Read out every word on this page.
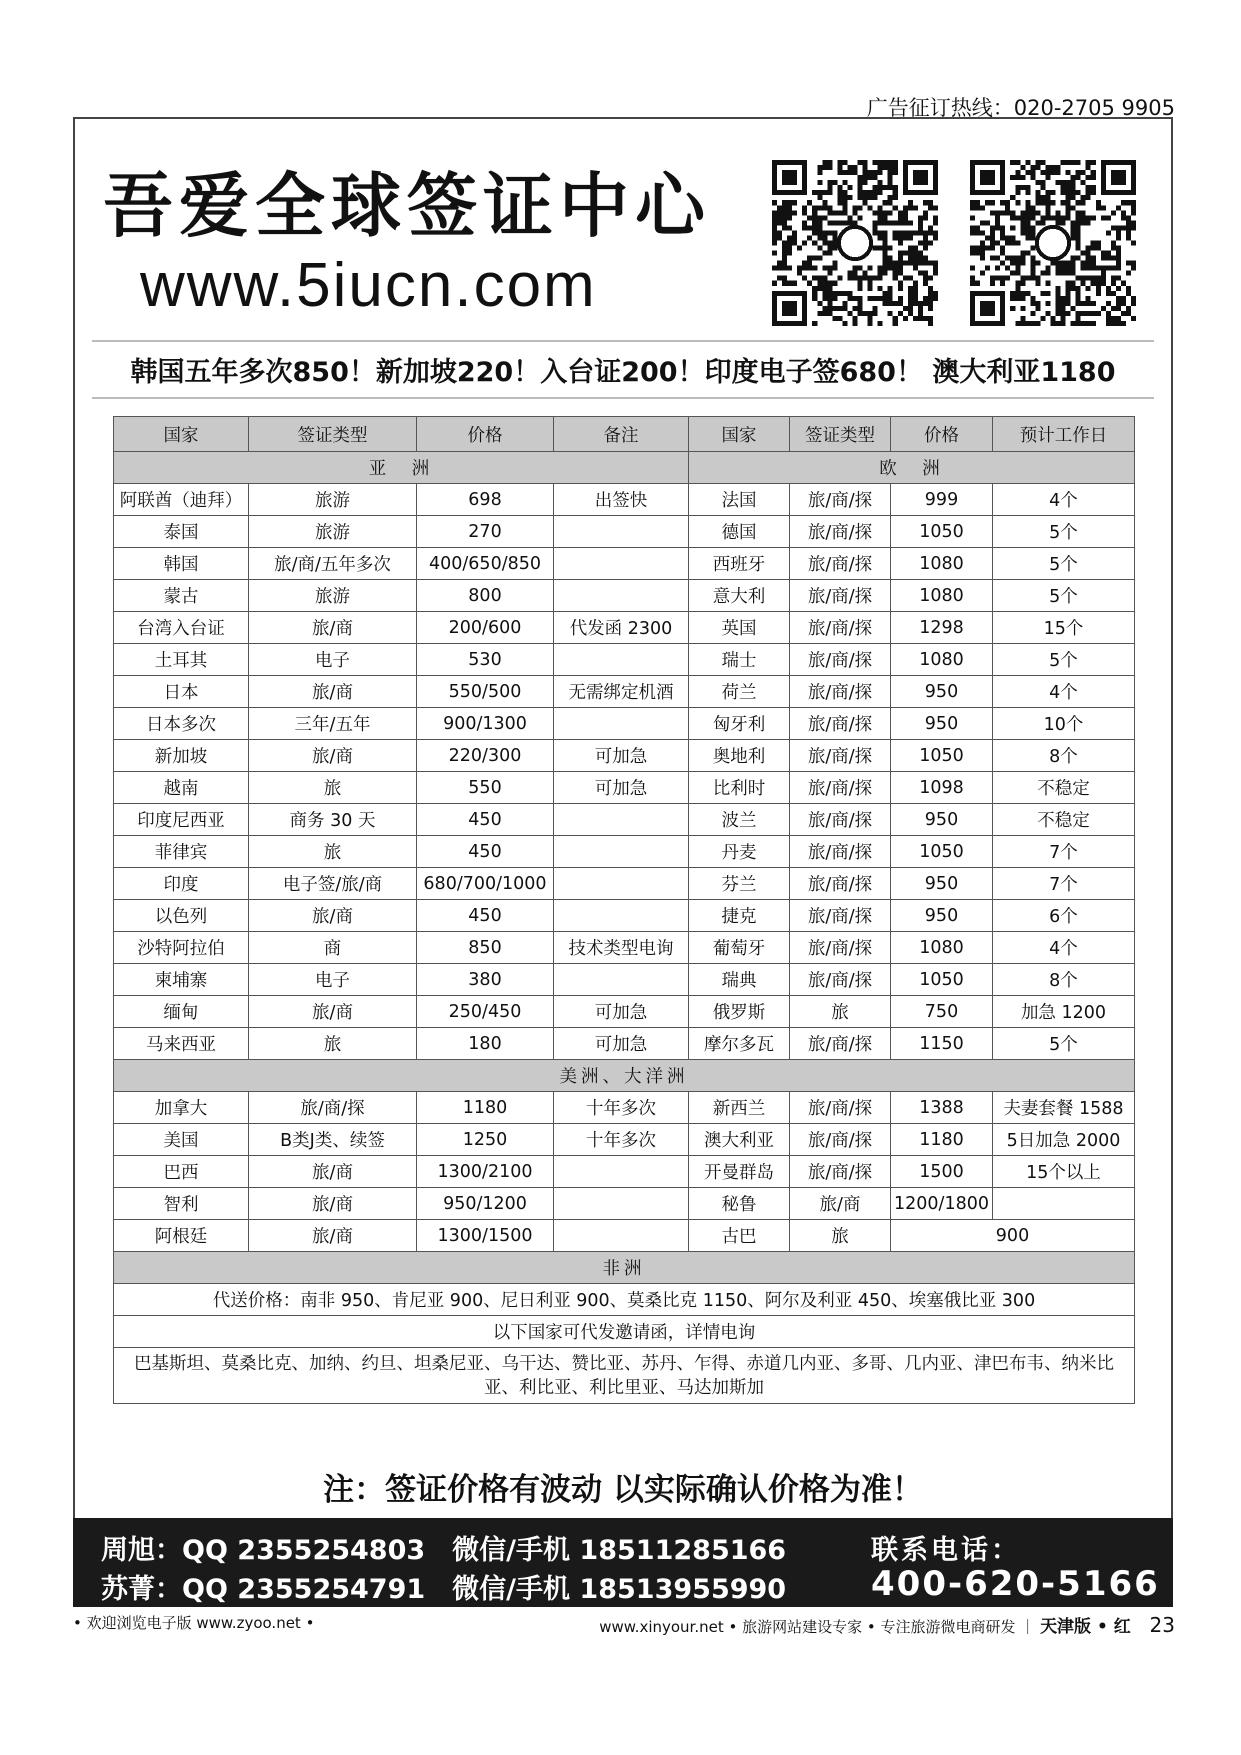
广告征订热线：020-2705 9905
吾爱全球签证中心
www.5iucn.com
韩国五年多次850！新加坡220！入台证200！印度电子签680！ 澳大利亚1180
国家	签证类型	价格	备注	国家	签证类型	价格	预计工作日
亚　洲				欧　洲			
阿联酋（迪拜）	旅游	698	出签快	法国	旅/商/探	999	4个
泰国	旅游	270		德国	旅/商/探	1050	5个
韩国	旅/商/五年多次	400/650/850		西班牙	旅/商/探	1080	5个
蒙古	旅游	800		意大利	旅/商/探	1080	5个
台湾入台证	旅/商	200/600	代发函 2300	英国	旅/商/探	1298	15个
土耳其	电子	530		瑞士	旅/商/探	1080	5个
日本	旅/商	550/500	无需绑定机酒	荷兰	旅/商/探	950	4个
日本多次	三年/五年	900/1300		匈牙利	旅/商/探	950	10个
新加坡	旅/商	220/300	可加急	奥地利	旅/商/探	1050	8个
越南	旅	550	可加急	比利时	旅/商/探	1098	不稳定
印度尼西亚	商务 30 天	450		波兰	旅/商/探	950	不稳定
菲律宾	旅	450		丹麦	旅/商/探	1050	7个
印度	电子签/旅/商	680/700/1000		芬兰	旅/商/探	950	7个
以色列	旅/商	450		捷克	旅/商/探	950	6个
沙特阿拉伯	商	850	技术类型电询	葡萄牙	旅/商/探	1080	4个
柬埔寨	电子	380		瑞典	旅/商/探	1050	8个
缅甸	旅/商	250/450	可加急	俄罗斯	旅	750	加急 1200
马来西亚	旅	180	可加急	摩尔多瓦	旅/商/探	1150	5个
美洲、大洋洲							
加拿大	旅/商/探	1180	十年多次	新西兰	旅/商/探	1388	夫妻套餐 1588
美国	B类J类、续签	1250	十年多次	澳大利亚	旅/商/探	1180	5日加急 2000
巴西	旅/商	1300/2100		开曼群岛	旅/商/探	1500	15个以上
智利	旅/商	950/1200		秘鲁	旅/商	1200/1800	
阿根廷	旅/商	1300/1500		古巴	旅	900	
非洲							
代送价格：南非 950、肯尼亚 900、尼日利亚 900、莫桑比克 1150、阿尔及利亚 450、埃塞俄比亚 300							
以下国家可代发邀请函，详情电询							
巴基斯坦、莫桑比克、加纳、约旦、坦桑尼亚、乌干达、赞比亚、苏丹、乍得、赤道几内亚、多哥、几内亚、津巴布韦、纳米比亚、利比亚、利比里亚、马达加斯加							
注：签证价格有波动 以实际确认价格为准！
周旭：QQ 2355254803　微信/手机 18511285166
苏菁：QQ 2355254791　微信/手机 18513955990
联系电话：
400-620-5166
• 欢迎浏览电子版 www.zyoo.net •	www.xinyour.net • 旅游网站建设专家 • 专注旅游微电商研发 ｜ 天津版 • 红 23
